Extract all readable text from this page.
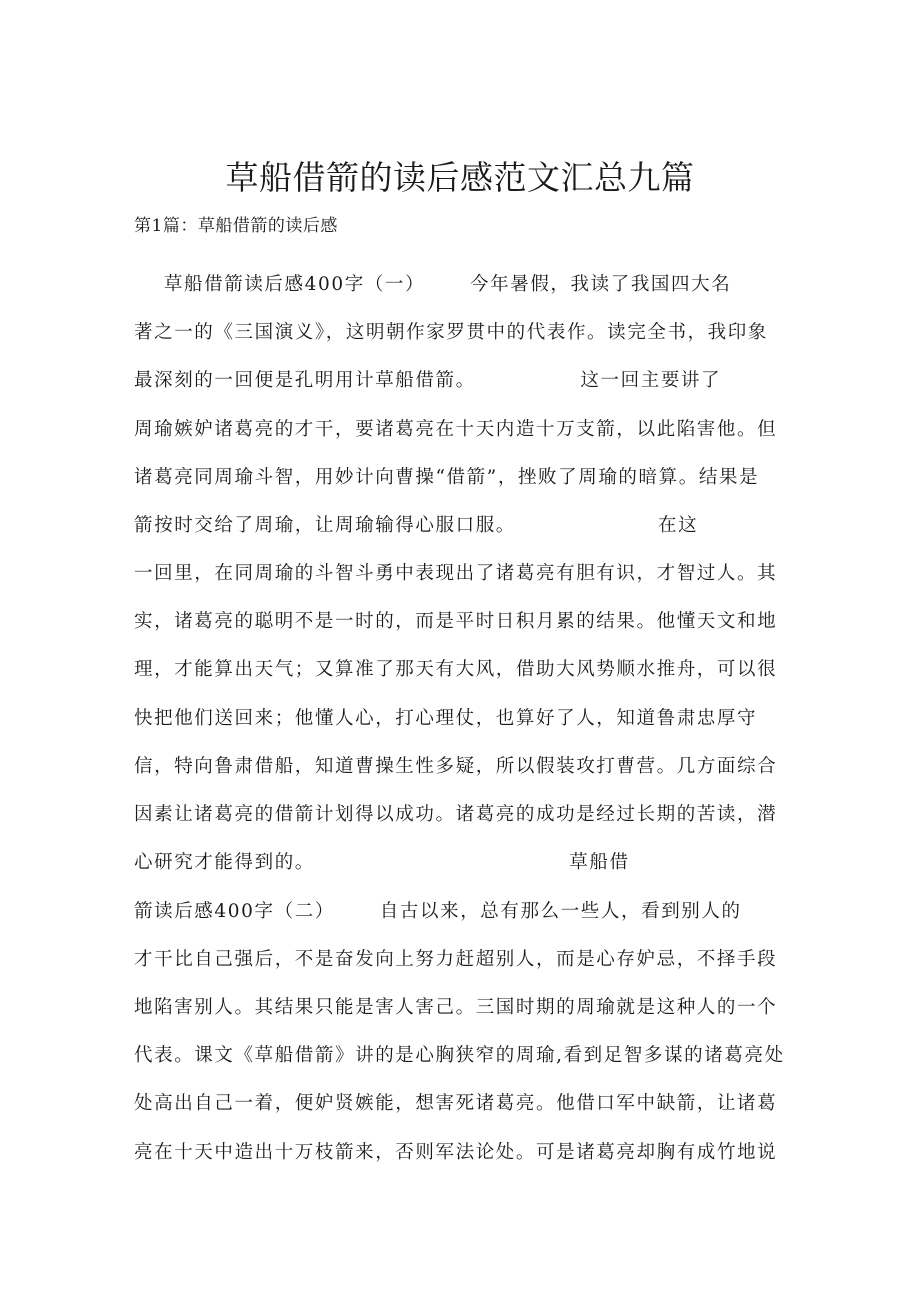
草船借箭的读后感范文汇总九篇
第1篇：草船借箭的读后感
草船借箭读后感400字（一）      今年暑假，我读了我国四大名
著之一的《三国演义》，这明朝作家罗贯中的代表作。读完全书，我印象
最深刻的一回便是孔明用计草船借箭。              这一回主要讲了
周瑜嫉妒诸葛亮的才干，要诸葛亮在十天内造十万支箭，以此陷害他。但
诸葛亮同周瑜斗智，用妙计向曹操“借箭”，挫败了周瑜的暗算。结果是
箭按时交给了周瑜，让周瑜输得心服口服。                   在这
一回里，在同周瑜的斗智斗勇中表现出了诸葛亮有胆有识，才智过人。其
实，诸葛亮的聪明不是一时的，而是平时日积月累的结果。他懂天文和地
理，才能算出天气；又算准了那天有大风，借助大风势顺水推舟，可以很
快把他们送回来；他懂人心，打心理仗，也算好了人，知道鲁肃忠厚守
信，特向鲁肃借船，知道曹操生性多疑，所以假装攻打曹营。几方面综合
因素让诸葛亮的借箭计划得以成功。诸葛亮的成功是经过长期的苦读，潜
心研究才能得到的。                                  草船借
箭读后感400字（二）      自古以来，总有那么一些人，看到别人的
才干比自己强后，不是奋发向上努力赶超别人，而是心存妒忌，不择手段
地陷害别人。其结果只能是害人害己。三国时期的周瑜就是这种人的一个
代表。课文《草船借箭》讲的是心胸狭窄的周瑜,看到足智多谋的诸葛亮处
处高出自己一着，便妒贤嫉能，想害死诸葛亮。他借口军中缺箭，让诸葛
亮在十天中造出十万枝箭来，否则军法论处。可是诸葛亮却胸有成竹地说
